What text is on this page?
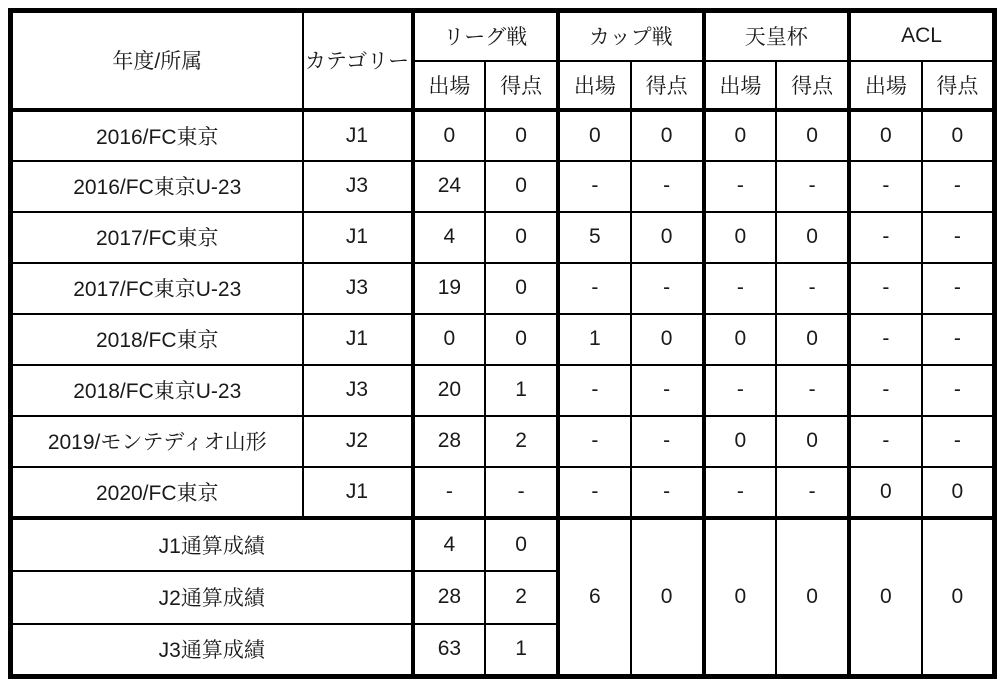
年度/所属	カテゴリー	リーグ戦		カップ戦		天皇杯		ACL	
		出場	得点	出場	得点	出場	得点	出場	得点
2016/FC東京	J1	0	0	0	0	0	0	0	0
2016/FC東京U-23	J3	24	0	-	-	-	-	-	-
2017/FC東京	J1	4	0	5	0	0	0	-	-
2017/FC東京U-23	J3	19	0	-	-	-	-	-	-
2018/FC東京	J1	0	0	1	0	0	0	-	-
2018/FC東京U-23	J3	20	1	-	-	-	-	-	-
2019/モンテディオ山形	J2	28	2	-	-	0	0	-	-
2020/FC東京	J1	-	-	-	-	-	-	0	0
J1通算成績		4	0	6	0	0	0	0	0
J2通算成績		28	2						
J3通算成績		63	1						
